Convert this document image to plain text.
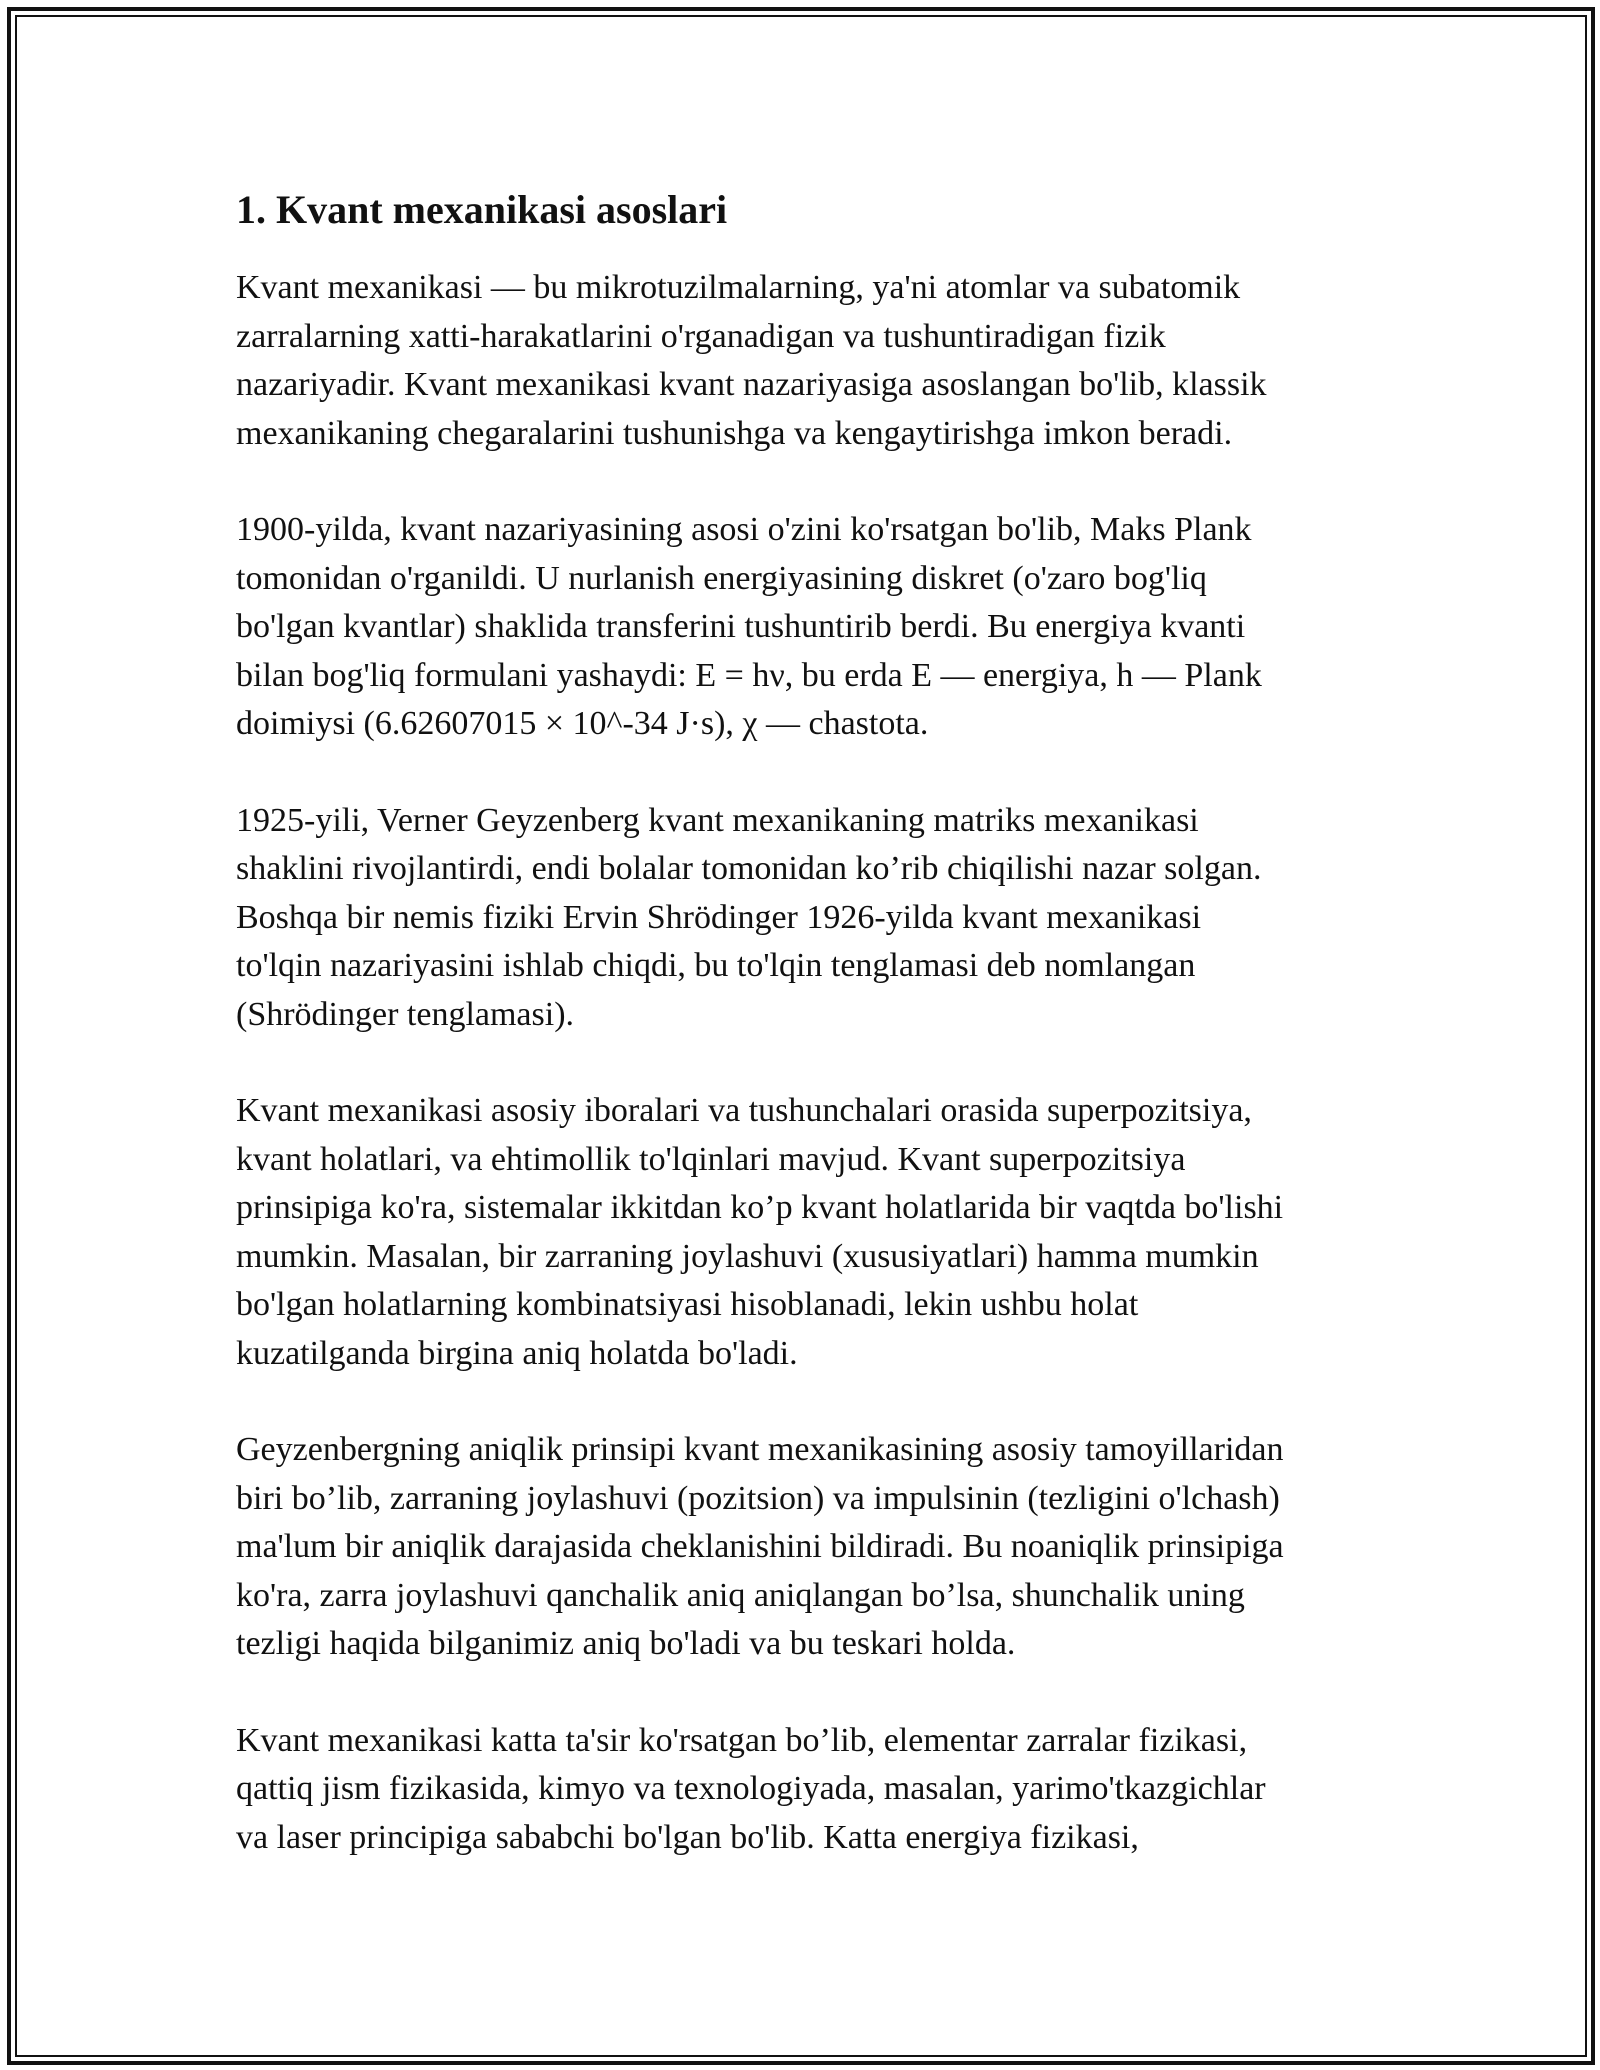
1. Kvant mexanikasi asoslari
Kvant mexanikasi — bu mikrotuzilmalarning, ya'ni atomlar va subatomik
zarralarning xatti-harakatlarini o'rganadigan va tushuntiradigan fizik
nazariyadir. Kvant mexanikasi kvant nazariyasiga asoslangan bo'lib, klassik
mexanikaning chegaralarini tushunishga va kengaytirishga imkon beradi.
1900-yilda, kvant nazariyasining asosi o'zini ko'rsatgan bo'lib, Maks Plank
tomonidan o'rganildi. U nurlanish energiyasining diskret (o'zaro bog'liq
bo'lgan kvantlar) shaklida transferini tushuntirib berdi. Bu energiya kvanti
bilan bog'liq formulani yashaydi: E = hν, bu erda E — energiya, h — Plank
doimiysi (6.62607015 × 10^-34 J·s), χ — chastota.
1925-yili, Verner Geyzenberg kvant mexanikaning matriks mexanikasi
shaklini rivojlantirdi, endi bolalar tomonidan ko’rib chiqilishi nazar solgan.
Boshqa bir nemis fiziki Ervin Shrödinger 1926-yilda kvant mexanikasi
to'lqin nazariyasini ishlab chiqdi, bu to'lqin tenglamasi deb nomlangan
(Shrödinger tenglamasi).
Kvant mexanikasi asosiy iboralari va tushunchalari orasida superpozitsiya,
kvant holatlari, va ehtimollik to'lqinlari mavjud. Kvant superpozitsiya
prinsipiga ko'ra, sistemalar ikkitdan ko’p kvant holatlarida bir vaqtda bo'lishi
mumkin. Masalan, bir zarraning joylashuvi (xususiyatlari) hamma mumkin
bo'lgan holatlarning kombinatsiyasi hisoblanadi, lekin ushbu holat
kuzatilganda birgina aniq holatda bo'ladi.
Geyzenbergning aniqlik prinsipi kvant mexanikasining asosiy tamoyillaridan
biri bo’lib, zarraning joylashuvi (pozitsion) va impulsinin (tezligini o'lchash)
ma'lum bir aniqlik darajasida cheklanishini bildiradi. Bu noaniqlik prinsipiga
ko'ra, zarra joylashuvi qanchalik aniq aniqlangan bo’lsa, shunchalik uning
tezligi haqida bilganimiz aniq bo'ladi va bu teskari holda.
Kvant mexanikasi katta ta'sir ko'rsatgan bo’lib, elementar zarralar fizikasi,
qattiq jism fizikasida, kimyo va texnologiyada, masalan, yarimo'tkazgichlar
va laser principiga sababchi bo'lgan bo'lib. Katta energiya fizikasi,
